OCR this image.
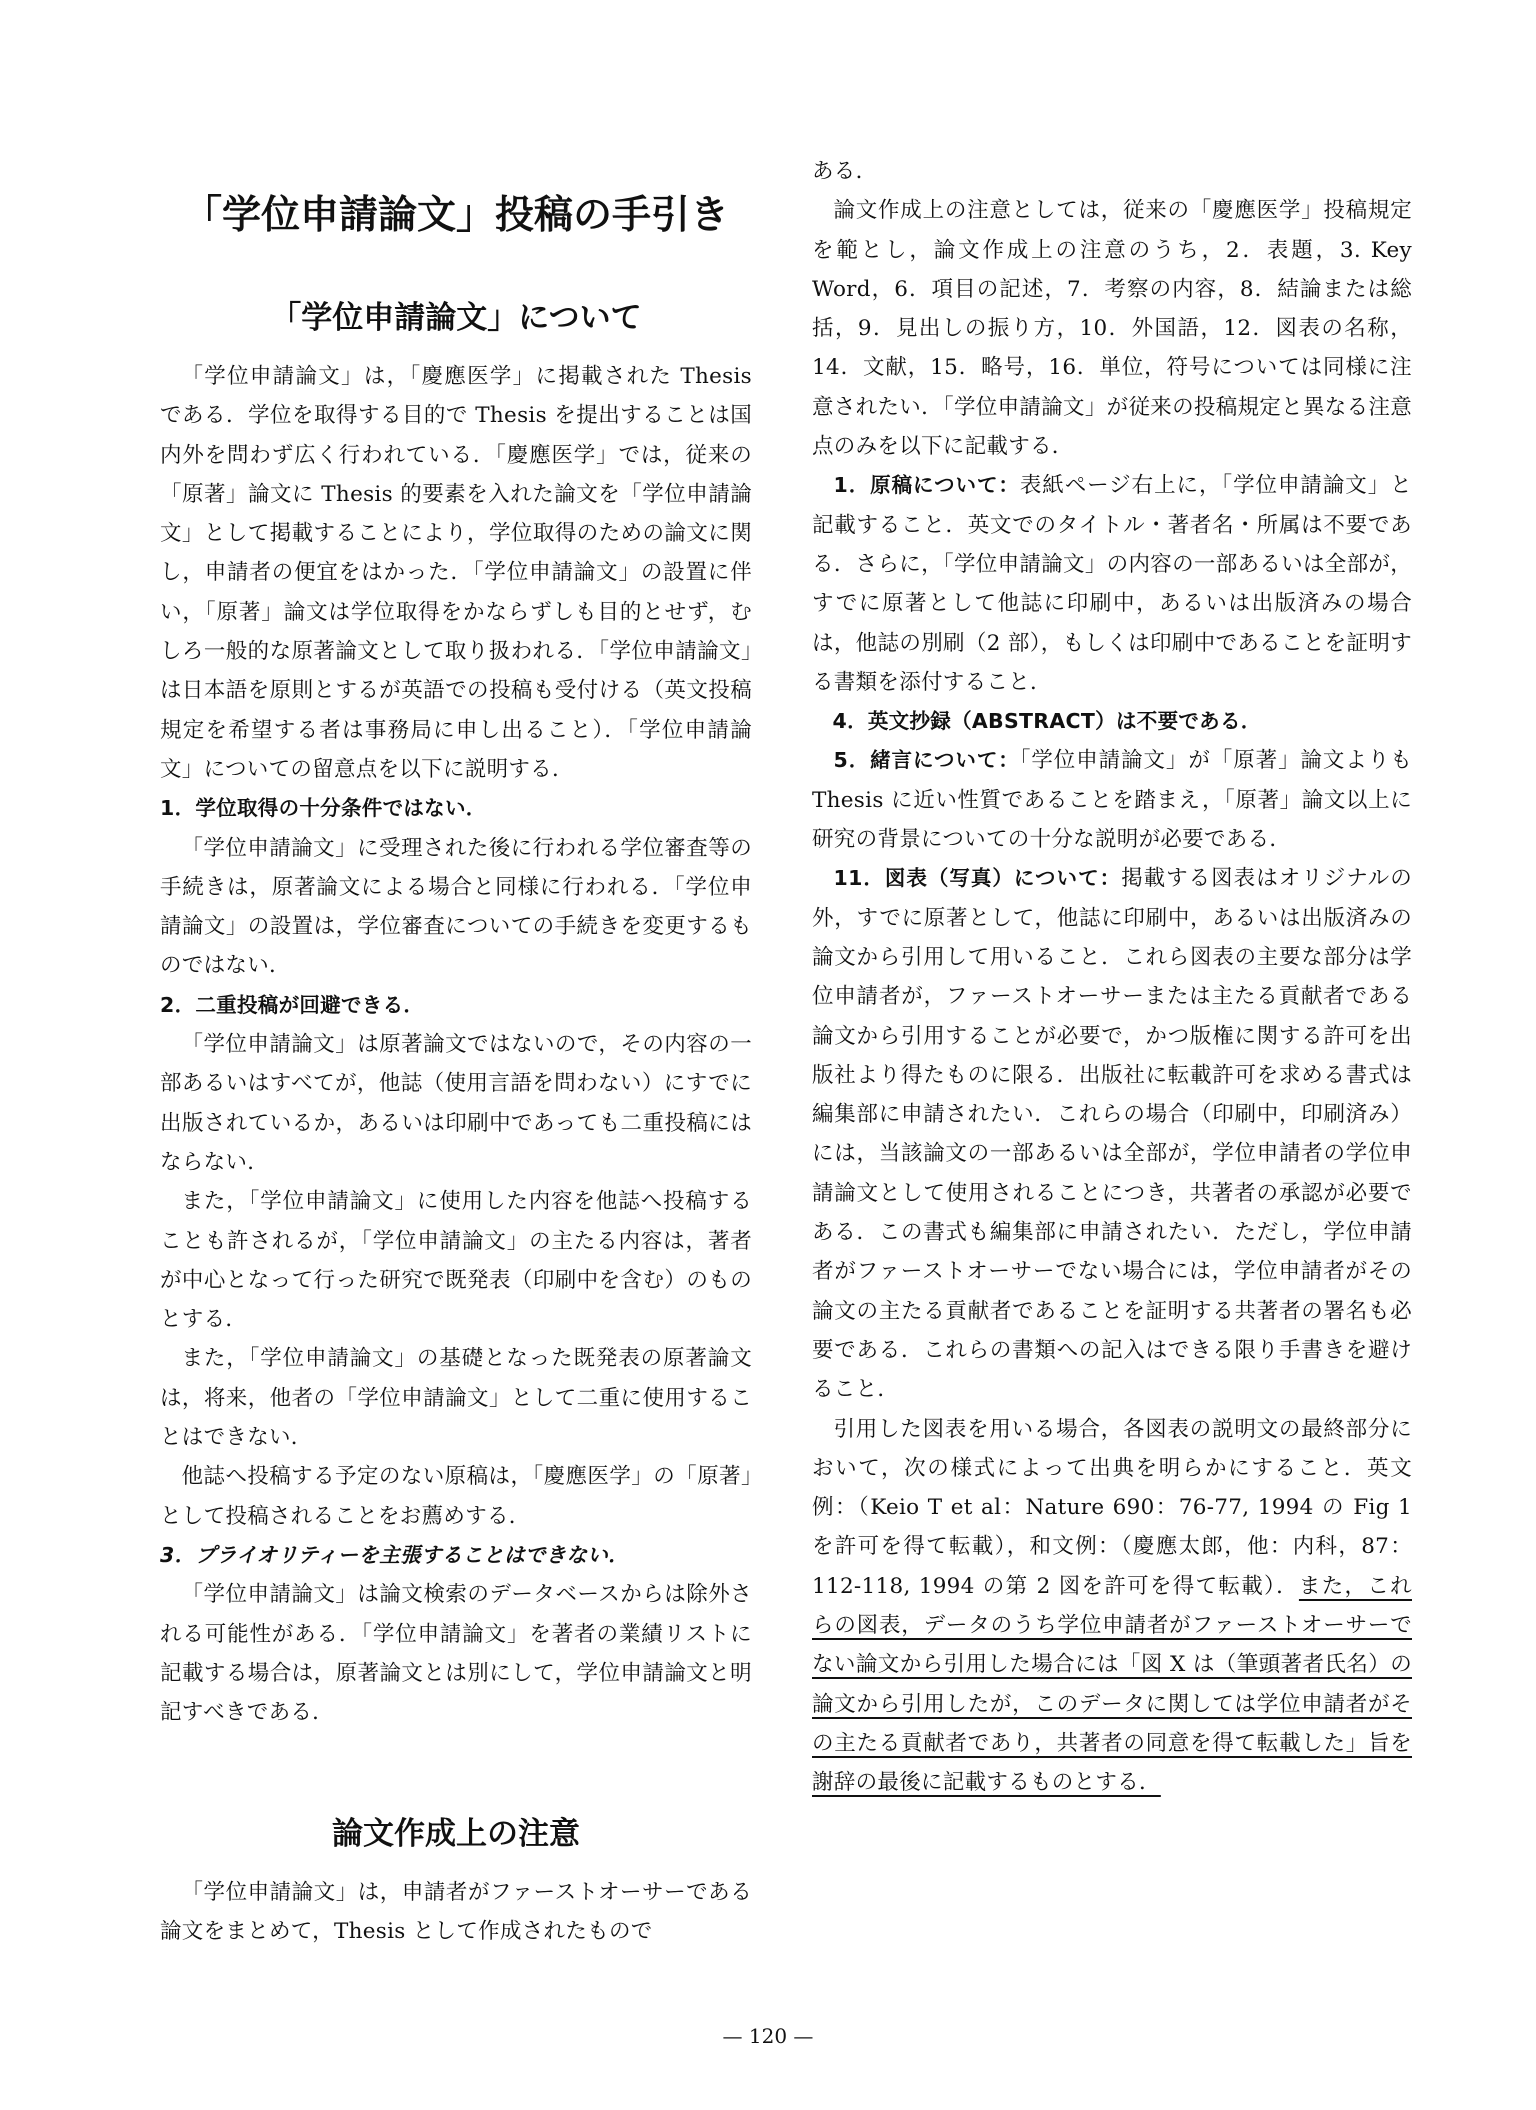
「学位申請論文」投稿の手引き
「学位申請論文」について

「学位申請論文」は，「慶應医学」に掲載された Thesis である．学位を取得する目的で Thesis を提出することは国内外を問わず広く行われている．「慶應医学」では，従来の「原著」論文に Thesis 的要素を入れた論文を「学位申請論文」として掲載することにより，学位取得のための論文に関し，申請者の便宜をはかった．「学位申請論文」の設置に伴い，「原著」論文は学位取得をかならずしも目的とせず，むしろ一般的な原著論文として取り扱われる．「学位申請論文」は日本語を原則とするが英語での投稿も受付ける（英文投稿規定を希望する者は事務局に申し出ること）．「学位申請論文」についての留意点を以下に説明する．

1．学位取得の十分条件ではない．

「学位申請論文」に受理された後に行われる学位審査等の手続きは，原著論文による場合と同様に行われる．「学位申請論文」の設置は，学位審査についての手続きを変更するものではない．

2．二重投稿が回避できる．

「学位申請論文」は原著論文ではないので，その内容の一部あるいはすべてが，他誌（使用言語を問わない）にすでに出版されているか，あるいは印刷中であっても二重投稿にはならない．

また，「学位申請論文」に使用した内容を他誌へ投稿することも許されるが，「学位申請論文」の主たる内容は，著者が中心となって行った研究で既発表（印刷中を含む）のものとする．

また，「学位申請論文」の基礎となった既発表の原著論文は，将来，他者の「学位申請論文」として二重に使用することはできない．

他誌へ投稿する予定のない原稿は，「慶應医学」の「原著」として投稿されることをお薦めする．

3．プライオリティーを主張することはできない．

「学位申請論文」は論文検索のデータベースからは除外される可能性がある．「学位申請論文」を著者の業績リストに記載する場合は，原著論文とは別にして，学位申請論文と明記すべきである．

論文作成上の注意

「学位申請論文」は，申請者がファーストオーサーである論文をまとめて，Thesis として作成されたもので

ある．

論文作成上の注意としては，従来の「慶應医学」投稿規定を範とし，論文作成上の注意のうち，2．表題，3. Key Word，6．項目の記述，7．考察の内容，8．結論または総括，9．見出しの振り方，10．外国語，12．図表の名称，14．文献，15．略号，16．単位，符号については同様に注意されたい．「学位申請論文」が従来の投稿規定と異なる注意点のみを以下に記載する．

1．原稿について：表紙ページ右上に，「学位申請論文」と記載すること．英文でのタイトル・著者名・所属は不要である．さらに，「学位申請論文」の内容の一部あるいは全部が，すでに原著として他誌に印刷中，あるいは出版済みの場合は，他誌の別刷（2 部），もしくは印刷中であることを証明する書類を添付すること．

4．英文抄録（ABSTRACT）は不要である．

5．緒言について：「学位申請論文」が「原著」論文よりも Thesis に近い性質であることを踏まえ，「原著」論文以上に研究の背景についての十分な説明が必要である．

11．図表（写真）について：掲載する図表はオリジナルの外，すでに原著として，他誌に印刷中，あるいは出版済みの論文から引用して用いること．これら図表の主要な部分は学位申請者が，ファーストオーサーまたは主たる貢献者である論文から引用することが必要で，かつ版権に関する許可を出版社より得たものに限る．出版社に転載許可を求める書式は編集部に申請されたい．これらの場合（印刷中，印刷済み）には，当該論文の一部あるいは全部が，学位申請者の学位申請論文として使用されることにつき，共著者の承認が必要である．この書式も編集部に申請されたい．ただし，学位申請者がファーストオーサーでない場合には，学位申請者がその論文の主たる貢献者であることを証明する共著者の署名も必要である．これらの書類への記入はできる限り手書きを避けること．

引用した図表を用いる場合，各図表の説明文の最終部分において，次の様式によって出典を明らかにすること．英文例：（Keio T et al：Nature 690：76-77, 1994 の Fig 1 を許可を得て転載），和文例：（慶應太郎，他：内科，87：112-118, 1994 の第 2 図を許可を得て転載）．また，これらの図表，データのうち学位申請者がファーストオーサーでない論文から引用した場合には「図 X は（筆頭著者氏名）の論文から引用したが，このデータに関しては学位申請者がその主たる貢献者であり，共著者の同意を得て転載した」旨を謝辞の最後に記載するものとする．

— 120 —
